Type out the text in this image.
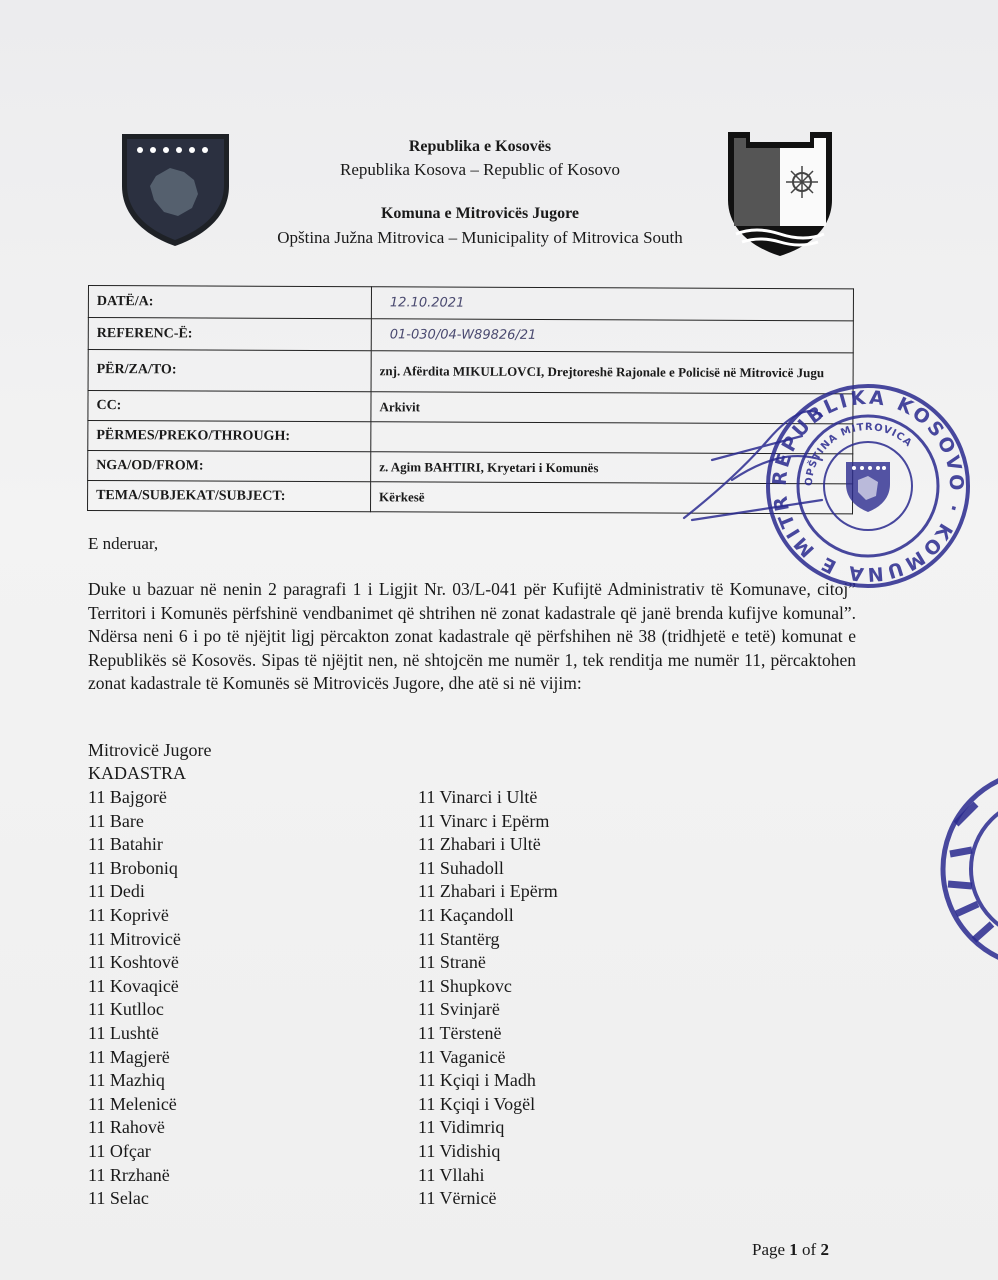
Republika e Kosovës
Republika Kosova – Republic of Kosovo
Komuna e Mitrovicës Jugore
Opština Južna Mitrovica – Municipality of Mitrovica South
DATË/A:	12.10.2021
REFERENC-Ë:	01-030/04-W89826/21
PËR/ZA/TO:	znj. Afërdita MIKULLOVCI, Drejtoreshë Rajonale e Policisë në Mitrovicë Jugu
CC:	Arkivit
PËRMES/PREKO/THROUGH:	
NGA/OD/FROM:	z. Agim BAHTIRI, Kryetari i Komunës
TEMA/SUBJEKAT/SUBJECT:	Kërkesë
E nderuar,

Duke u bazuar në nenin 2 paragrafi 1 i Ligjit Nr. 03/L-041 për Kufijtë Administrativ të Komunave, citoj” Territori i Komunës përfshinë vendbanimet që shtrihen në zonat kadastrale që janë brenda kufijve komunal”. Ndërsa neni 6 i po të njëjtit ligj përcakton zonat kadastrale që përfshihen në 38 (tridhjetë e tetë) komunat e Republikës së Kosovës. Sipas të njëjtit nen, në shtojcën me numër 1, tek renditja me numër 11, përcaktohen zonat kadastrale të Komunës së Mitrovicës Jugore, dhe atë si në vijim:

Mitrovicë Jugore
KADASTRA
11 Bajgorë
11 Bare
11 Batahir
11 Broboniq
11 Dedi
11 Koprivë
11 Mitrovicë
11 Koshtovë
11 Kovaqicë
11 Kutlloc
11 Lushtë
11 Magjerë
11 Mazhiq
11 Melenicë
11 Rahovë
11 Ofçar
11 Rrzhanë
11 Selac
11 Vinarci i Ultë
11 Vinarc i Epërm
11 Zhabari i Ultë
11 Suhadoll
11 Zhabari i Epërm
11 Kaçandoll
11 Stantërg
11 Stranë
11 Shupkovc
11 Svinjarë
11 Tërstenë
11 Vaganicë
11 Kçiqi i Madh
11 Kçiqi i Vogël
11 Vidimriq
11 Vidishiq
11 Vllahi
11 Vërnicë
Page 1 of 2
REPUBLIKA KOSOVO · KOMUNA E MITR
OPŠTINA MITROVICA
